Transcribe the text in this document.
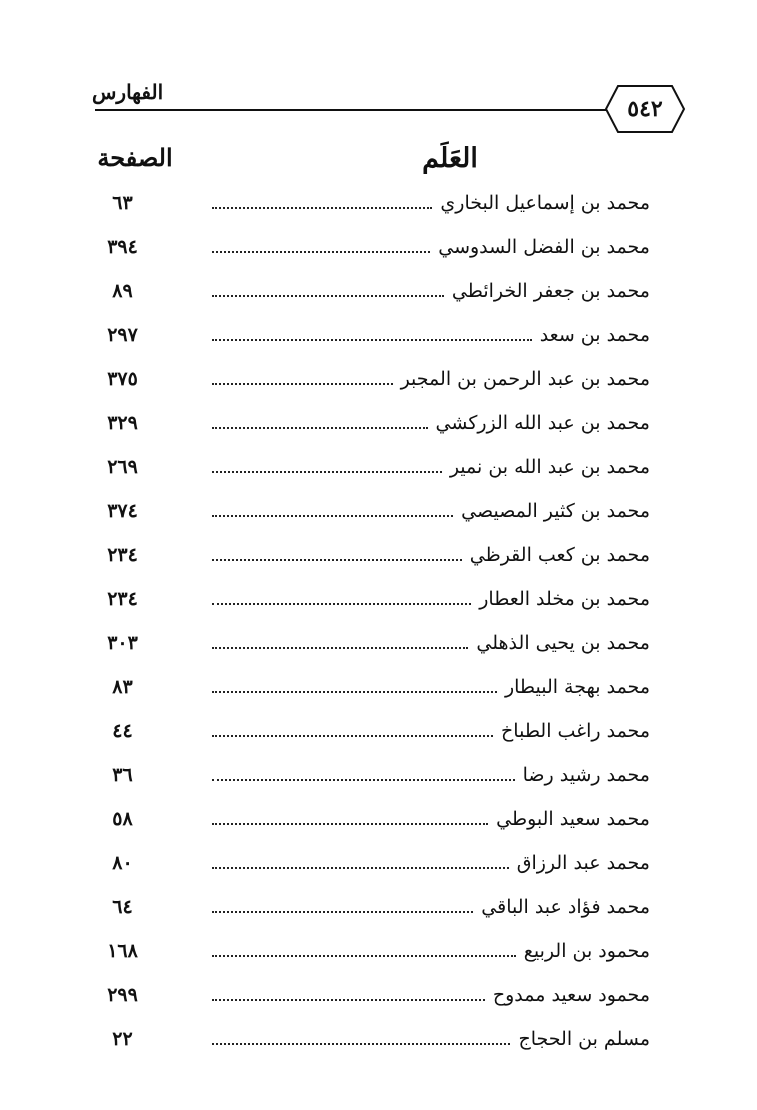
الفهارس
٥٤٢
العَلَم
الصفحة
محمد بن إسماعيل البخاري
٦٣
محمد بن الفضل السدوسي
٣٩٤
محمد بن جعفر الخرائطي
٨٩
محمد بن سعد
٢٩٧
محمد بن عبد الرحمن بن المجبر
٣٧٥
محمد بن عبد الله الزركشي
٣٢٩
محمد بن عبد الله بن نمير
٢٦٩
محمد بن كثير المصيصي
٣٧٤
محمد بن كعب القرظي
٢٣٤
محمد بن مخلد العطار
٢٣٤
محمد بن يحيى الذهلي
٣٠٣
محمد بهجة البيطار
٨٣
محمد راغب الطباخ
٤٤
محمد رشيد رضا
٣٦
محمد سعيد البوطي
٥٨
محمد عبد الرزاق
٨٠
محمد فؤاد عبد الباقي
٦٤
محمود بن الربيع
١٦٨
محمود سعيد ممدوح
٢٩٩
مسلم بن الحجاج
٢٢
